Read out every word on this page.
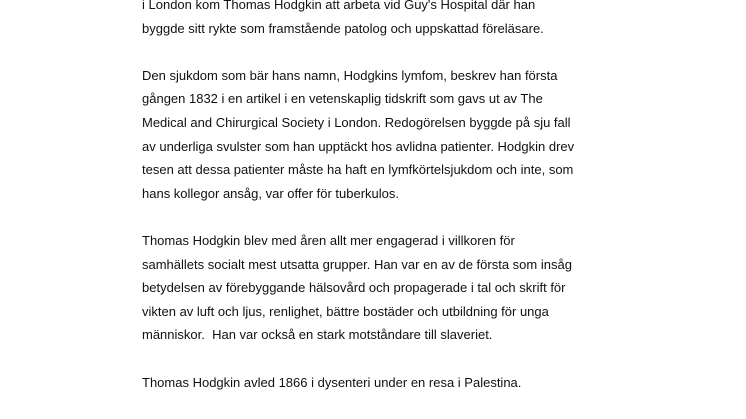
i London kom Thomas Hodgkin att arbeta vid Guy's Hospital där han
byggde sitt rykte som framstående patolog och uppskattad föreläsare.
Den sjukdom som bär hans namn, Hodgkins lymfom, beskrev han första
gången 1832 i en artikel i en vetenskaplig tidskrift som gavs ut av The
Medical and Chirurgical Society i London. Redogörelsen byggde på sju fall
av underliga svulster som han upptäckt hos avlidna patienter. Hodgkin drev
tesen att dessa patienter måste ha haft en lymfkörtelsjukdom och inte, som
hans kollegor ansåg, var offer för tuberkulos.
Thomas Hodgkin blev med åren allt mer engagerad i villkoren för
samhällets socialt mest utsatta grupper. Han var en av de första som insåg
betydelsen av förebyggande hälsovård och propagerade i tal och skrift för
vikten av luft och ljus, renlighet, bättre bostäder och utbildning för unga
människor.  Han var också en stark motståndare till slaveriet.
Thomas Hodgkin avled 1866 i dysenteri under en resa i Palestina.
